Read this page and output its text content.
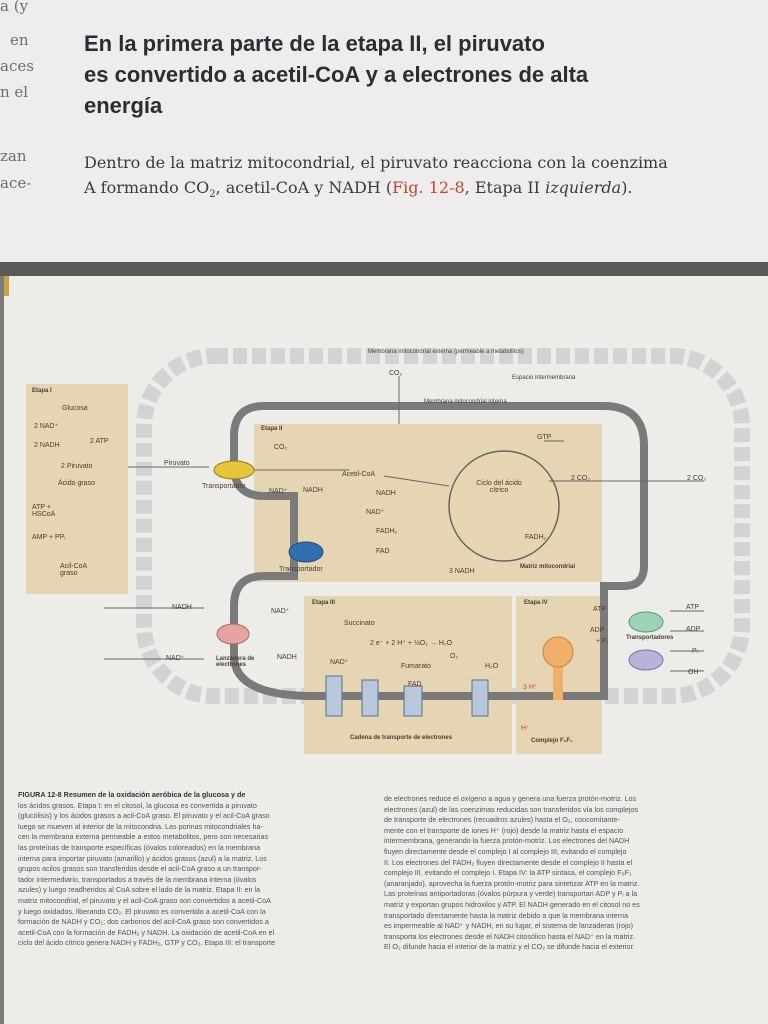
a (y
en
aces
n el
zan
ace-
En la primera parte de la etapa II, el piruvato
es convertido a acetil-CoA y a electrones de alta
energía
Dentro de la matriz mitocondrial, el piruvato reacciona con la coenzima
A formando $CO_2$, acetil-CoA y NADH (Fig. 12-8, Etapa II izquierda).
Membrana mitocondrial externa (permeable a metabolitos)
CO₂
Espacio intermembrana
Membrana mitocondrial interna
Etapa I
Glucosa
2 NAD⁺
2 NADH
2 ATP
2 Piruvato
Ácido graso
ATP + HSCoA
AMP + PPᵢ
Acil-CoA graso
Etapa II
Piruvato
CO₂
Transportador
NAD⁺ NADH
Acetil-CoA
GTP
2 CO₂	2 CO₂
Ciclo del ácido cítrico
NADH
NAD⁺
FADH₂
FAD
FADH₂
3 NADH
Matriz mitocondrial
Transportador
Etapa III
NADH
NAD⁺
NAD⁺	NADH
Lanzadera de electrones
Succinato
2 e⁻ + 2 H⁺ + ½O₂ → H₂O
Fumarato
O₂
H₂O
NAD⁺
FAD	3 H⁺
H⁺
Cadena de transporte de electrones
Etapa IV
ATP
ADP
+ Pᵢ
Complejo F₀F₁
ATP
ADP
Transportadores
Pᵢ
OH⁻
FIGURA 12-8 Resumen de la oxidación aeróbica de la glucosa y de
los ácidos grasos. Etapa I: en el citosol, la glucosa es convertida a piruvato
(glucólisis) y los ácidos grasos a acil-CoA graso. El piruvato y el acil-CoA graso
luego se mueven al interior de la mitocondria. Las porinas mitocondriales ha-
cen la membrana externa permeable a estos metabolitos, pero son necesarias
las proteínas de transporte específicas (óvalos coloreados) en la membrana
interna para importar piruvato (amarillo) y ácidos grasos (azul) a la matriz. Los
grupos acilos grasos son transferidos desde el acil-CoA graso a un transpor-
tador intermediario, transportados a través de la membrana interna (óvalos
azules) y luego readheridos al CoA sobre el lado de la matriz. Etapa II: en la
matriz mitocondrial, el piruvato y el acil-CoA graso son convertidos a acetil-CoA
y luego oxidados, liberando CO₂. El piruvato es convertido a acetil-CoA con la
formación de NADH y CO₂; dos carbonos del acil-CoA graso son convertidos a
acetil-CoA con la formación de FADH₂ y NADH. La oxidación de acetil-CoA en el
ciclo del ácido cítrico genera NADH y FADH₂, GTP y CO₂. Etapa III: el transporte
de electrones reduce el oxígeno a agua y genera una fuerza protón-motriz. Los
electrones (azul) de las coenzimas reducidas son transferidos vía los complejos
de transporte de electrones (recuadros azules) hasta el O₂, concomitante-
mente con el transporte de iones H⁺ (rojo) desde la matriz hasta el espacio
intermembrana, generando la fuerza protón-motriz. Los electrones del NADH
fluyen directamente desde el complejo I al complejo III, evitando el complejo
II. Los electrones del FADH₂ fluyen directamente desde el complejo II hasta el
complejo III, evitando el complejo I. Etapa IV: la ATP sintasa, el complejo F₀F₁
(anaranjado), aprovecha la fuerza protón-motriz para sintetizar ATP en la matriz.
Las proteínas antiportadoras (óvalos púrpura y verde) transportan ADP y Pᵢ a la
matriz y exportan grupos hidroxilos y ATP. El NADH generado en el citosol no es
transportado directamente hasta la matriz debido a que la membrana interna
es impermeable al NAD⁺ y NADH, en su lugar, el sistema de lanzaderas (rojo)
transporta los electrones desde el NADH citosólico hasta el NAD⁺ en la matriz.
El O₂ difunde hacia el interior de la matriz y el CO₂ se difunde hacia el exterior.
